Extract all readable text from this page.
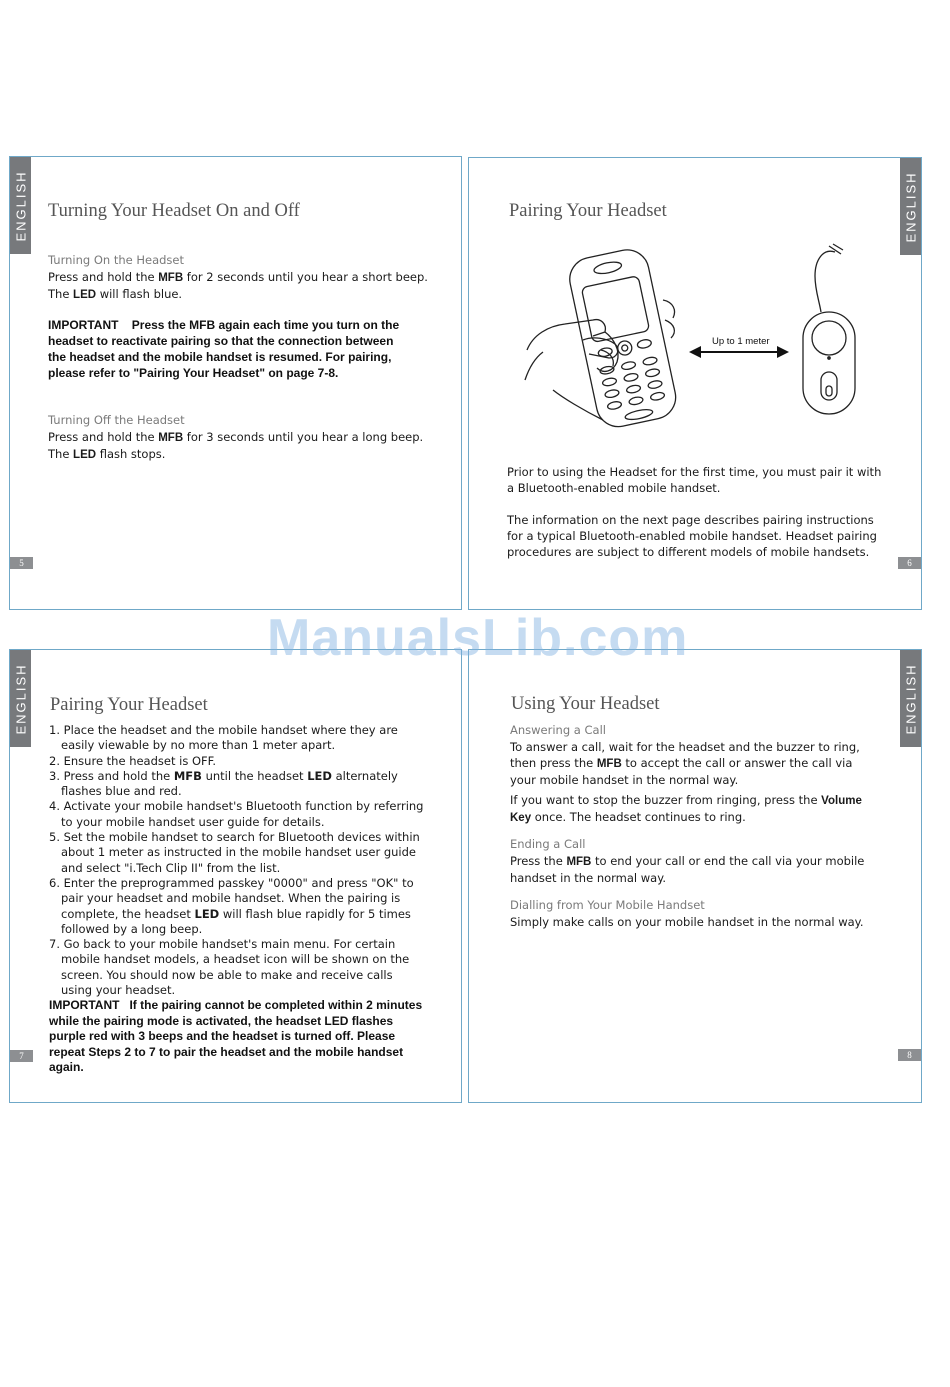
ENGLISH Turning Your Headset On and Off
Turning On the Headset
Press and hold the MFB for 2 seconds until you hear a short beep.
The LED will flash blue.
IMPORTANT Press the MFB again each time you turn on the headset to reactivate pairing so that the connection between the headset and the mobile handset is resumed. For pairing, please refer to "Pairing Your Headset" on page 7-8.
Turning Off the Headset
Press and hold the MFB for 3 seconds until you hear a long beep.
The LED flash stops.
5
ENGLISH
Pairing Your Headset
Up to 1 meter
Prior to using the Headset for the first time, you must pair it with a Bluetooth-enabled mobile handset.
The information on the next page describes pairing instructions for a typical Bluetooth-enabled mobile handset. Headset pairing procedures are subject to different models of mobile handsets.
6
ENGLISH Pairing Your Headset
1. Place the headset and the mobile handset where they are easily viewable by no more than 1 meter apart.
2. Ensure the headset is OFF.
3. Press and hold the MFB until the headset LED alternately flashes blue and red.
4. Activate your mobile handset's Bluetooth function by referring to your mobile handset user guide for details.
5. Set the mobile handset to search for Bluetooth devices within about 1 meter as instructed in the mobile handset user guide and select "i.Tech Clip II" from the list.
6. Enter the preprogrammed passkey "0000" and press "OK" to pair your headset and mobile handset. When the pairing is complete, the headset LED will flash blue rapidly for 5 times followed by a long beep.
7. Go back to your mobile handset's main menu. For certain mobile handset models, a headset icon will be shown on the screen. You should now be able to make and receive calls using your headset.
IMPORTANT If the pairing cannot be completed within 2 minutes while the pairing mode is activated, the headset LED flashes purple red with 3 beeps and the headset is turned off. Please repeat Steps 2 to 7 to pair the headset and the mobile handset again.
7
ENGLISH
Using Your Headset
Answering a Call
To answer a call, wait for the headset and the buzzer to ring, then press the MFB to accept the call or answer the call via your mobile handset in the normal way.
If you want to stop the buzzer from ringing, press the Volume Key once. The headset continues to ring.
Ending a Call
Press the MFB to end your call or end the call via your mobile handset in the normal way.
Dialling from Your Mobile Handset
Simply make calls on your mobile handset in the normal way.
8
ManualsLib.com
